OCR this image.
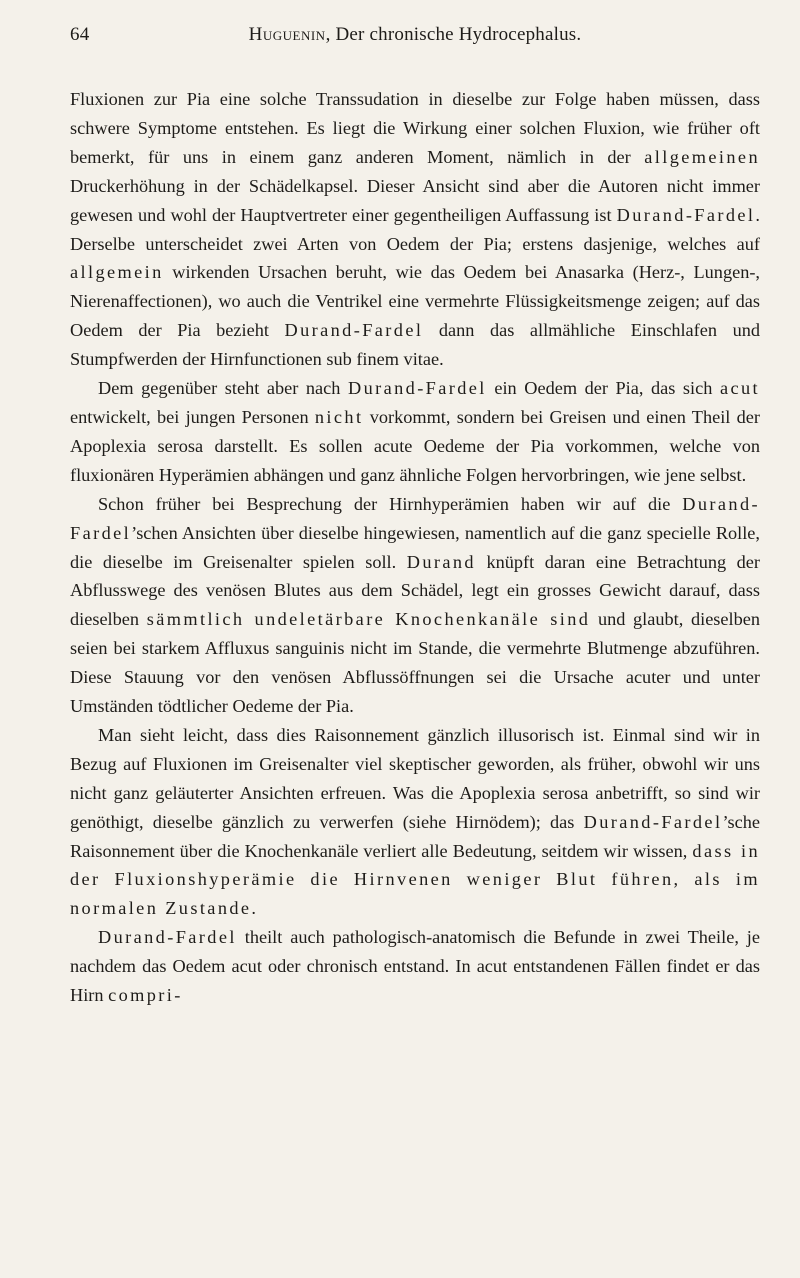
64	Huguenin, Der chronische Hydrocephalus.

Fluxionen zur Pia eine solche Transsudation in dieselbe zur Folge haben müssen, dass schwere Symptome entstehen. Es liegt die Wirkung einer solchen Fluxion, wie früher oft bemerkt, für uns in einem ganz anderen Moment, nämlich in der allgemeinen Druckerhöhung in der Schädelkapsel. Dieser Ansicht sind aber die Autoren nicht immer gewesen und wohl der Hauptvertreter einer gegentheiligen Auffassung ist Durand-Fardel. Derselbe unterscheidet zwei Arten von Oedem der Pia; erstens dasjenige, welches auf allgemein wirkenden Ursachen beruht, wie das Oedem bei Anasarka (Herz-, Lungen-, Nierenaffectionen), wo auch die Ventrikel eine vermehrte Flüssigkeitsmenge zeigen; auf das Oedem der Pia bezieht Durand-Fardel dann das allmähliche Einschlafen und Stumpfwerden der Hirnfunctionen sub finem vitae.

Dem gegenüber steht aber nach Durand-Fardel ein Oedem der Pia, das sich acut entwickelt, bei jungen Personen nicht vorkommt, sondern bei Greisen und einen Theil der Apoplexia serosa darstellt. Es sollen acute Oedeme der Pia vorkommen, welche von fluxionären Hyperämien abhängen und ganz ähnliche Folgen hervorbringen, wie jene selbst.

Schon früher bei Besprechung der Hirnhyperämien haben wir auf die Durand-Fardel’schen Ansichten über dieselbe hingewiesen, namentlich auf die ganz specielle Rolle, die dieselbe im Greisenalter spielen soll. Durand knüpft daran eine Betrachtung der Abflusswege des venösen Blutes aus dem Schädel, legt ein grosses Gewicht darauf, dass dieselben sämmtlich undeletärbare Knochenkanäle sind und glaubt, dieselben seien bei starkem Affluxus sanguinis nicht im Stande, die vermehrte Blutmenge abzuführen. Diese Stauung vor den venösen Abflussöffnungen sei die Ursache acuter und unter Umständen tödtlicher Oedeme der Pia.

Man sieht leicht, dass dies Raisonnement gänzlich illusorisch ist. Einmal sind wir in Bezug auf Fluxionen im Greisenalter viel skeptischer geworden, als früher, obwohl wir uns nicht ganz geläuterter Ansichten erfreuen. Was die Apoplexia serosa anbetrifft, so sind wir genöthigt, dieselbe gänzlich zu verwerfen (siehe Hirnödem); das Durand-Fardel’sche Raisonnement über die Knochenkanäle verliert alle Bedeutung, seitdem wir wissen, dass in der Fluxionshyperämie die Hirnvenen weniger Blut führen, als im normalen Zustande.

Durand-Fardel theilt auch pathologisch-anatomisch die Befunde in zwei Theile, je nachdem das Oedem acut oder chronisch entstand. In acut entstandenen Fällen findet er das Hirn compri-
